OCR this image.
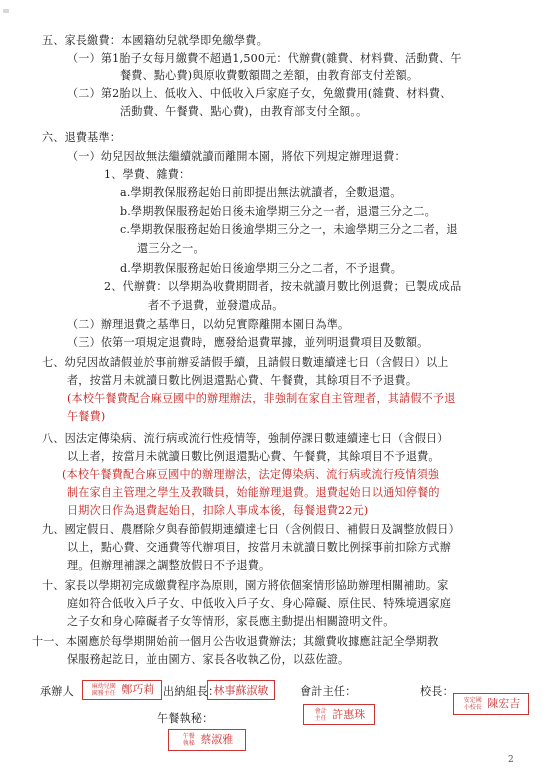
五、家長繳費：本國籍幼兒就學即免繳學費。
（一）第1胎子女每月繳費不超過1,500元：代辦費(雜費、材料費、活動費、午
餐費、點心費)與原收費數額間之差額，由教育部支付差額。
（二）第2胎以上、低收入、中低收入戶家庭子女，免繳費用(雜費、材料費、
活動費、午餐費、點心費)，由教育部支付全額。。
六、退費基準：
（一）幼兒因故無法繼續就讀而離開本園，將依下列規定辦理退費：
1、學費、雜費：
a.學期教保服務起始日前即提出無法就讀者，全數退還。
b.學期教保服務起始日後未逾學期三分之一者，退還三分之二。
c.學期教保服務起始日後逾學期三分之一，未逾學期三分之二者，退
還三分之一。
d.學期教保服務起始日後逾學期三分之二者，不予退費。
2、代辦費：以學期為收費期間者，按未就讀月數比例退費；已製成成品
者不予退費，並發還成品。
（二）辦理退費之基準日，以幼兒實際離開本園日為準。
（三）依第一項規定退費時，應發給退費單據，並列明退費項目及數額。
七、幼兒因故請假並於事前辦妥請假手續，且請假日數連續達七日（含假日）以上
者，按當月未就讀日數比例退還點心費、午餐費，其餘項目不予退費。
(本校午餐費配合麻豆國中的辦理辦法，非強制在家自主管理者，其請假不予退
午餐費)
八、因法定傳染病、流行病或流行性疫情等，強制停課日數連續達七日（含假日）
以上者，按當月未就讀日數比例退還點心費、午餐費，其餘項目不予退費。
(本校午餐費配合麻豆國中的辦理辦法，法定傳染病、流行病或流行疫情須強
制在家自主管理之學生及教職員，始能辦理退費。退費起始日以通知停餐的
日期次日作為退費起始日，扣除人事成本後，每餐退費22元)
九、國定假日、農曆除夕與春節假期連續達七日（含例假日、補假日及調整放假日）
以上，點心費、交通費等代辦項目，按當月未就讀日數比例採事前扣除方式辦
理。但辦理補課之調整放假日不予退費。
十、家長以學期初完成繳費程序為原則，園方將依個案情形協助辦理相關補助。家
庭如符合低收入戶子女、中低收入戶子女、身心障礙、原住民、特殊境遇家庭
之子女和身心障礙者子女等情形，家長應主動提出相關證明文件。
十一、本園應於每學期開始前一個月公告收退費辦法；其繳費收據應註記全學期教
保服務起訖日，並由園方、家長各收執乙份，以茲佐證。
承辦人	麻幼兒園園務主任 鄭巧莉 出納組長：
林事蘇淑敏	會計主任：
會計主任 許惠珠
校長：
安定國小校長 陳宏吉
午餐執秘：
午餐執秘 蔡淑雅
2
